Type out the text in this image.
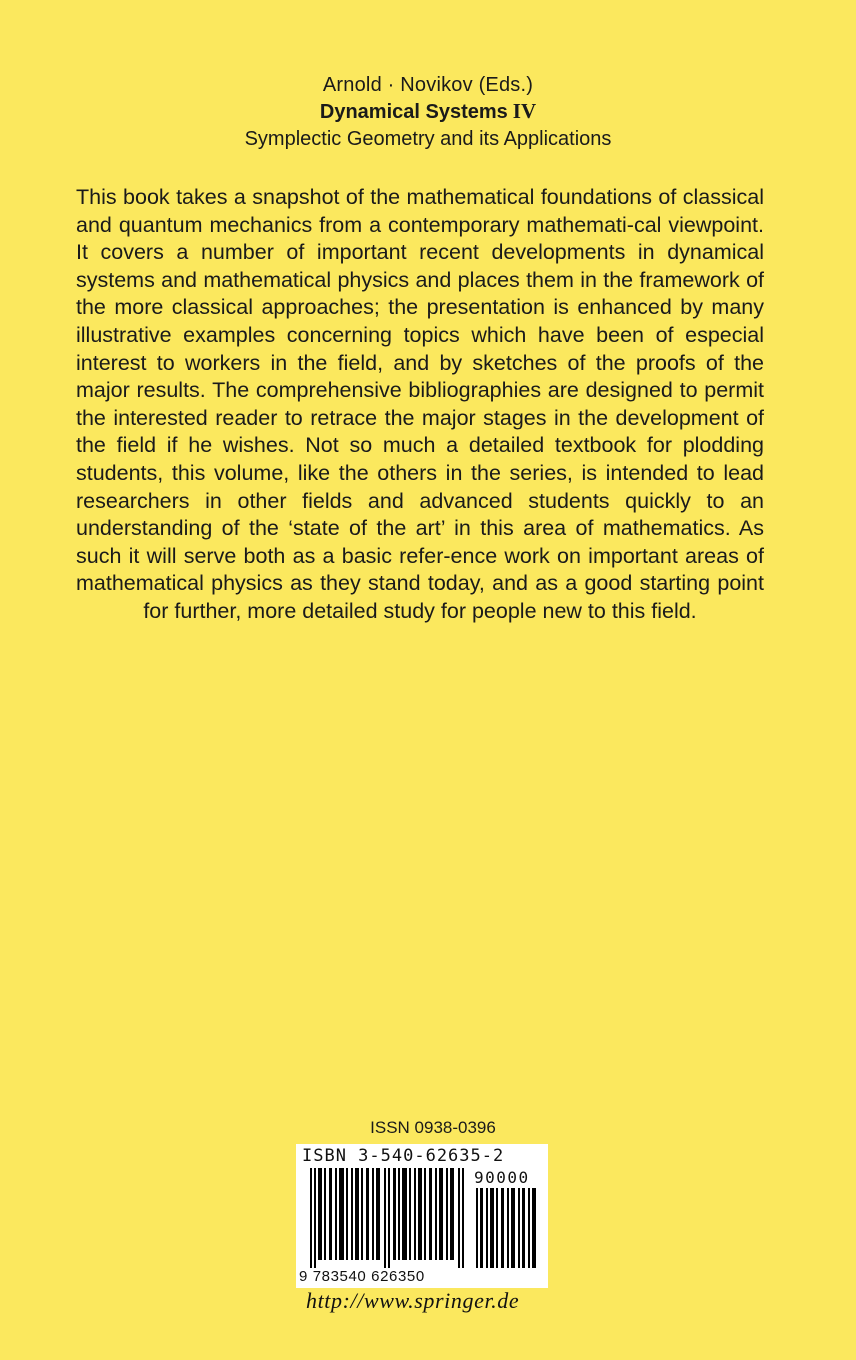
Arnold · Novikov (Eds.)
Dynamical Systems IV
Symplectic Geometry and its Applications
This book takes a snapshot of the mathematical foundations of classical and quantum mechanics from a contemporary mathemati-cal viewpoint. It covers a number of important recent developments in dynamical systems and mathematical physics and places them in the framework of the more classical approaches; the presentation is enhanced by many illustrative examples concerning topics which have been of especial interest to workers in the field, and by sketches of the proofs of the major results. The comprehensive bibliographies are designed to permit the interested reader to retrace the major stages in the development of the field if he wishes. Not so much a detailed textbook for plodding students, this volume, like the others in the series, is intended to lead researchers in other fields and advanced students quickly to an understanding of the ‘state of the art’ in this area of mathematics. As such it will serve both as a basic refer-ence work on important areas of mathematical physics as they stand today, and as a good starting point for further, more detailed study for people new to this field.
ISSN 0938-0396
ISBN 3-540-62635-2
90000
9 783540 626350
http://www.springer.de
